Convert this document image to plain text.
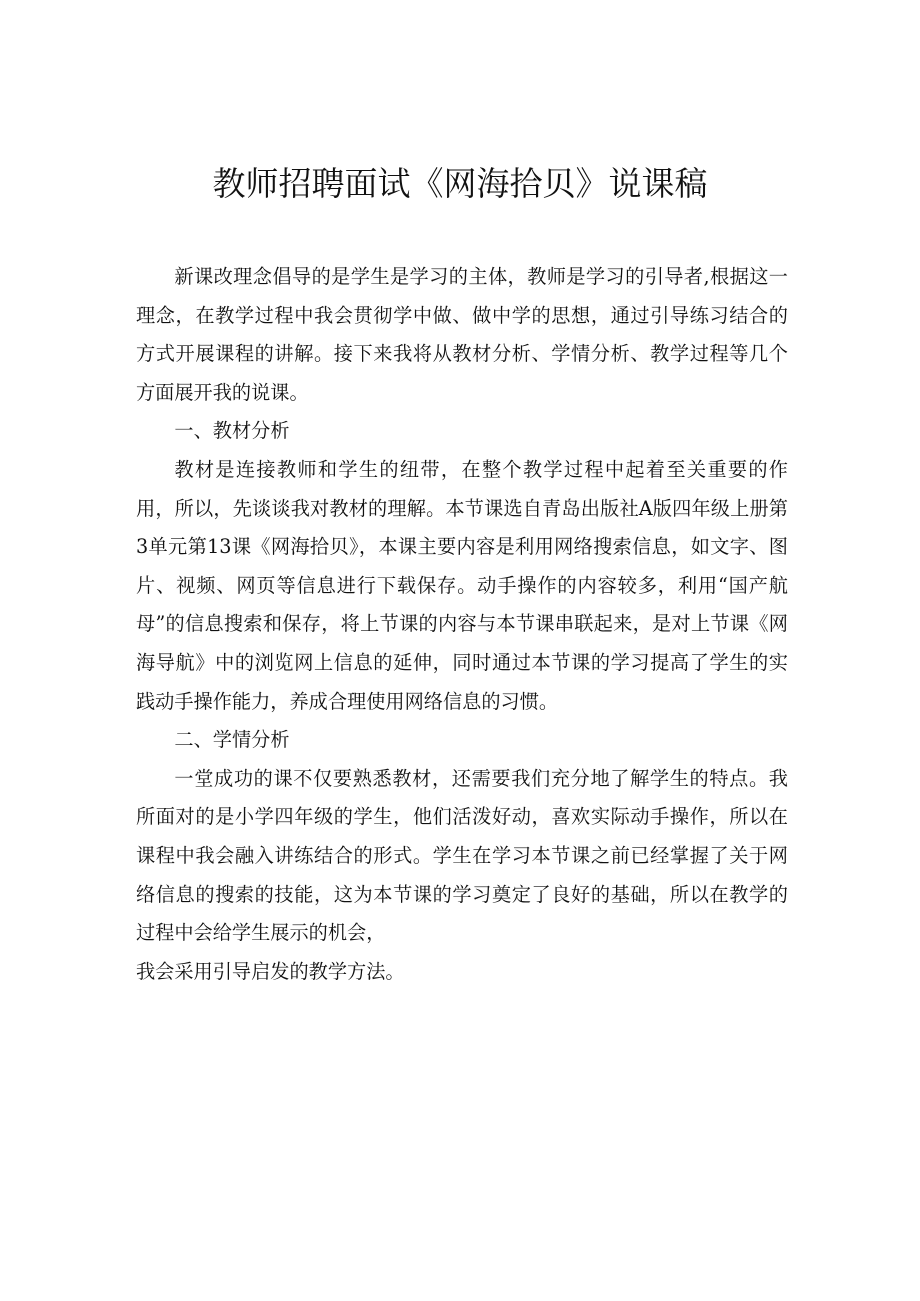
教师招聘面试《网海拾贝》说课稿

新课改理念倡导的是学生是学习的主体，教师是学习的引导者,根据这一理念，在教学过程中我会贯彻学中做、做中学的思想，通过引导练习结合的方式开展课程的讲解。接下来我将从教材分析、学情分析、教学过程等几个方面展开我的说课。

一、教材分析

教材是连接教师和学生的纽带，在整个教学过程中起着至关重要的作用，所以，先谈谈我对教材的理解。本节课选自青岛出版社A版四年级上册第3单元第13课《网海拾贝》，本课主要内容是利用网络搜索信息，如文字、图片、视频、网页等信息进行下载保存。动手操作的内容较多，利用“国产航母”的信息搜索和保存，将上节课的内容与本节课串联起来，是对上节课《网海导航》中的浏览网上信息的延伸，同时通过本节课的学习提高了学生的实践动手操作能力，养成合理使用网络信息的习惯。

二、学情分析

一堂成功的课不仅要熟悉教材，还需要我们充分地了解学生的特点。我所面对的是小学四年级的学生，他们活泼好动，喜欢实际动手操作，所以在课程中我会融入讲练结合的形式。学生在学习本节课之前已经掌握了关于网络信息的搜索的技能，这为本节课的学习奠定了良好的基础，所以在教学的过程中会给学生展示的机会，

我会采用引导启发的教学方法。
